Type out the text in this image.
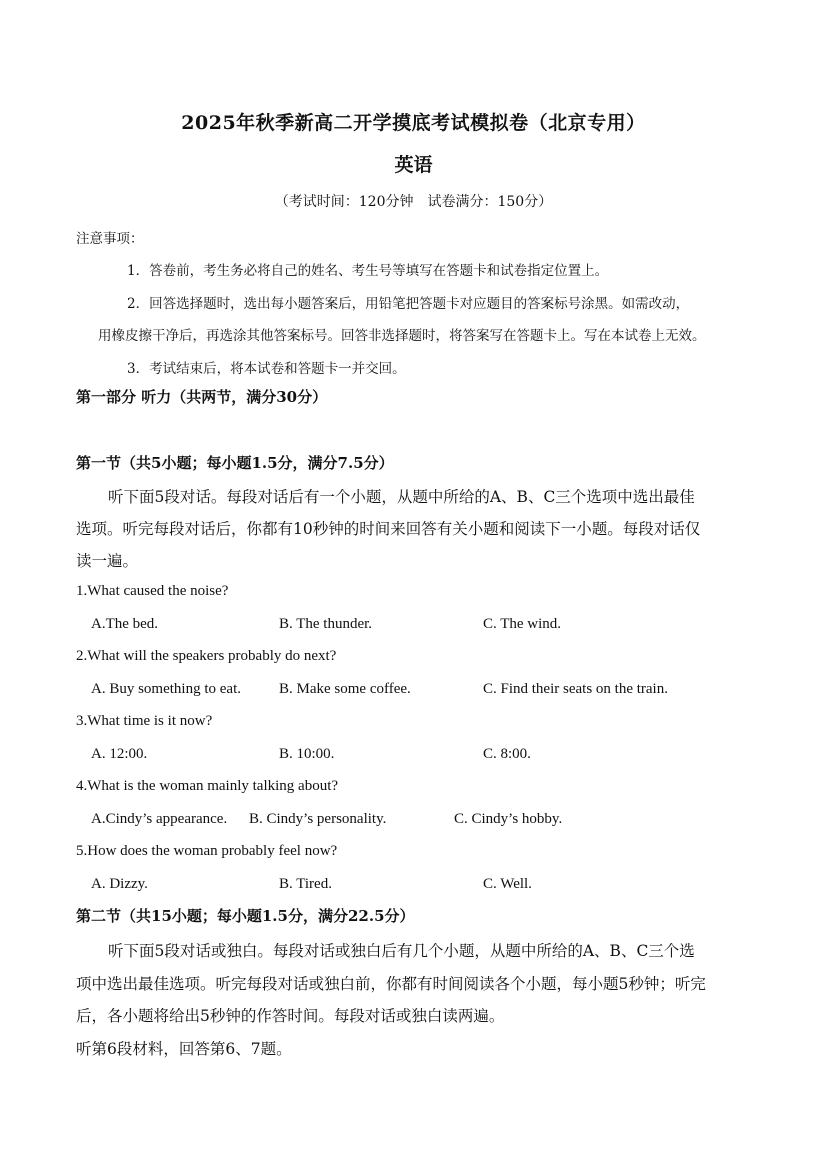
2025年秋季新高二开学摸底考试模拟卷（北京专用）
英语
（考试时间：120分钟　试卷满分：150分）
注意事项：
1．答卷前，考生务必将自己的姓名、考生号等填写在答题卡和试卷指定位置上。
2．回答选择题时，选出每小题答案后，用铅笔把答题卡对应题目的答案标号涂黑。如需改动，
用橡皮擦干净后，再选涂其他答案标号。回答非选择题时，将答案写在答题卡上。写在本试卷上无效。
3．考试结束后，将本试卷和答题卡一并交回。
第一部分 听力（共两节，满分30分）
第一节（共5小题；每小题1.5分，满分7.5分）
听下面5段对话。每段对话后有一个小题，从题中所给的A、B、C三个选项中选出最佳
选项。听完每段对话后，你都有10秒钟的时间来回答有关小题和阅读下一小题。每段对话仅
读一遍。
1.What caused the noise?
A.The bed.	B. The thunder.	C. The wind.
2.What will the speakers probably do next?
A. Buy something to eat.	B. Make some coffee.	C. Find their seats on the train.
3.What time is it now?
A. 12:00.	B. 10:00.	C. 8:00.
4.What is the woman mainly talking about?
A.Cindy’s appearance. B. Cindy’s personality.	C. Cindy’s hobby.
5.How does the woman probably feel now?
A. Dizzy.	B. Tired.	C. Well.
第二节（共15小题；每小题1.5分，满分22.5分）
听下面5段对话或独白。每段对话或独白后有几个小题，从题中所给的A、B、C三个选
项中选出最佳选项。听完每段对话或独白前，你都有时间阅读各个小题，每小题5秒钟；听完
后，各小题将给出5秒钟的作答时间。每段对话或独白读两遍。
听第6段材料，回答第6、7题。
